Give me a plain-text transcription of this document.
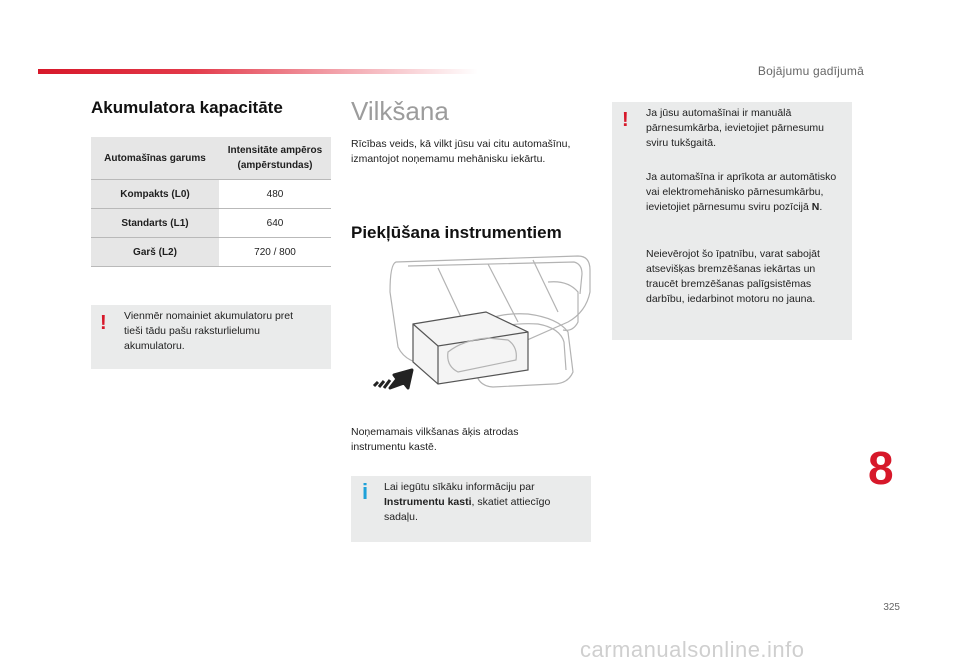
Bojājumu gadījumā
Akumulatora kapacitāte
Automašīnas garums	Intensitāte ampēros (ampērstundas)
Kompakts (L0)	480
Standarts (L1)	640
Garš (L2)	720 / 800
! Vienmēr nomainiet akumulatoru pret tieši tādu pašu raksturlielumu akumulatoru.
Vilkšana
Rīcības veids, kā vilkt jūsu vai citu automašīnu, izmantojot noņemamu mehānisku iekārtu.
Piekļūšana instrumentiem
Noņemamais vilkšanas āķis atrodas instrumentu kastē.
i Lai iegūtu sīkāku informāciju par Instrumentu kasti, skatiet attiecīgo sadaļu.
! Ja jūsu automašīnai ir manuālā pārnesumkārba, ievietojiet pārnesumu sviru tukšgaitā.
Ja automašīna ir aprīkota ar automātisko vai elektromehānisko pārnesumkārbu, ievietojiet pārnesumu sviru pozīcijā N.
Neievērojot šo īpatnību, varat sabojāt atsevišķas bremzēšanas iekārtas un traucēt bremzēšanas palīgsistēmas darbību, iedarbinot motoru no jauna.
8
325
carmanualsonline.info
